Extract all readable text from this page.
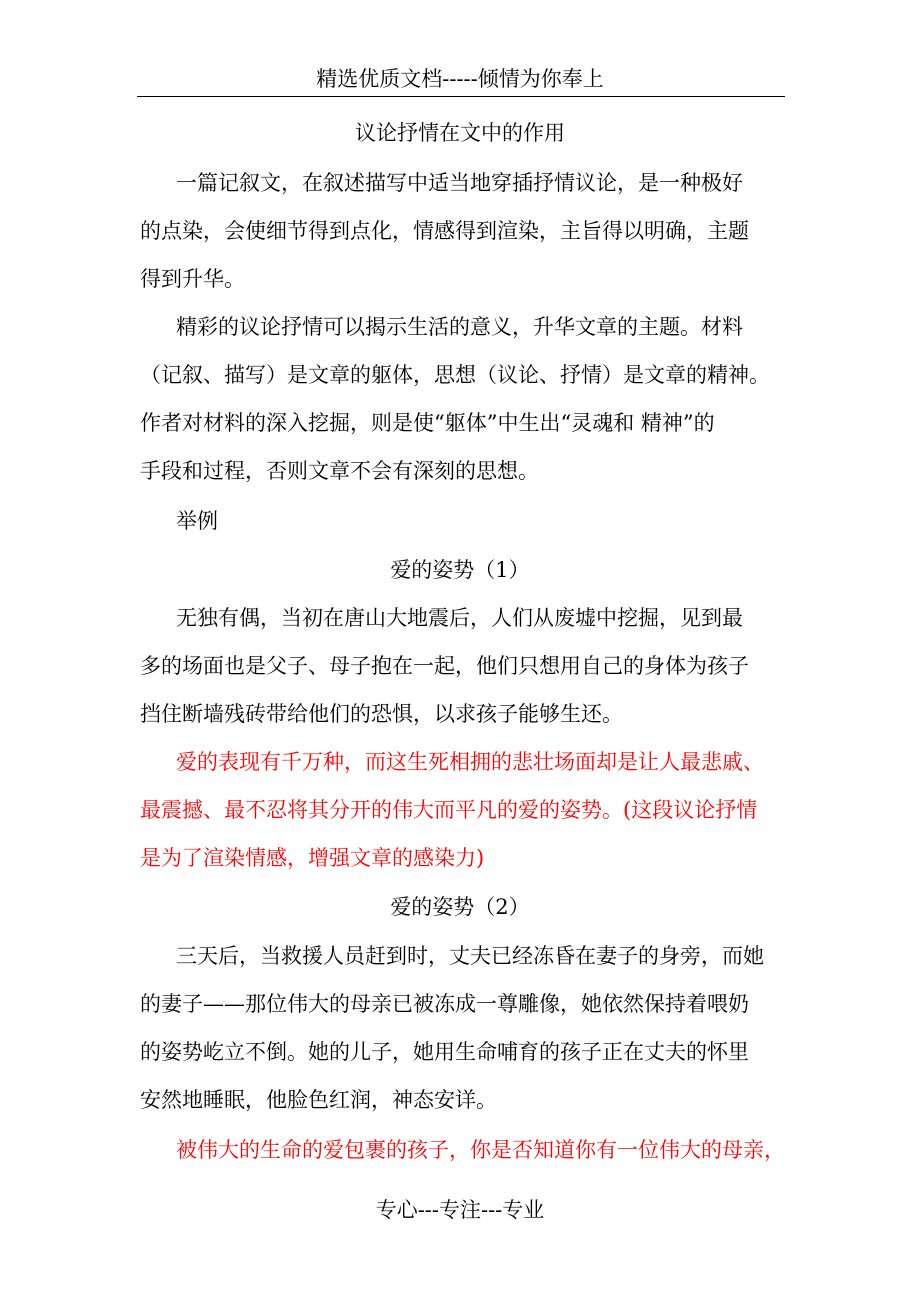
精选优质文档-----倾情为你奉上
议论抒情在文中的作用
一篇记叙文，在叙述描写中适当地穿插抒情议论，是一种极好
的点染，会使细节得到点化，情感得到渲染，主旨得以明确，主题
得到升华。
精彩的议论抒情可以揭示生活的意义，升华文章的主题。材料
（记叙、描写）是文章的躯体，思想（议论、抒情）是文章的精神。
作者对材料的深入挖掘，则是使“躯体”中生出“灵魂和 精神”的
手段和过程，否则文章不会有深刻的思想。
举例
爱的姿势（1）
无独有偶，当初在唐山大地震后，人们从废墟中挖掘，见到最
多的场面也是父子、母子抱在一起，他们只想用自己的身体为孩子
挡住断墙残砖带给他们的恐惧，以求孩子能够生还。
爱的表现有千万种，而这生死相拥的悲壮场面却是让人最悲戚、
最震撼、最不忍将其分开的伟大而平凡的爱的姿势。(这段议论抒情
是为了渲染情感，增强文章的感染力)
爱的姿势（2）
三天后，当救援人员赶到时，丈夫已经冻昏在妻子的身旁，而她
的妻子——那位伟大的母亲已被冻成一尊雕像，她依然保持着喂奶
的姿势屹立不倒。她的儿子，她用生命哺育的孩子正在丈夫的怀里
安然地睡眠，他脸色红润，神态安详。
被伟大的生命的爱包裹的孩子，你是否知道你有一位伟大的母亲，
专心---专注---专业
